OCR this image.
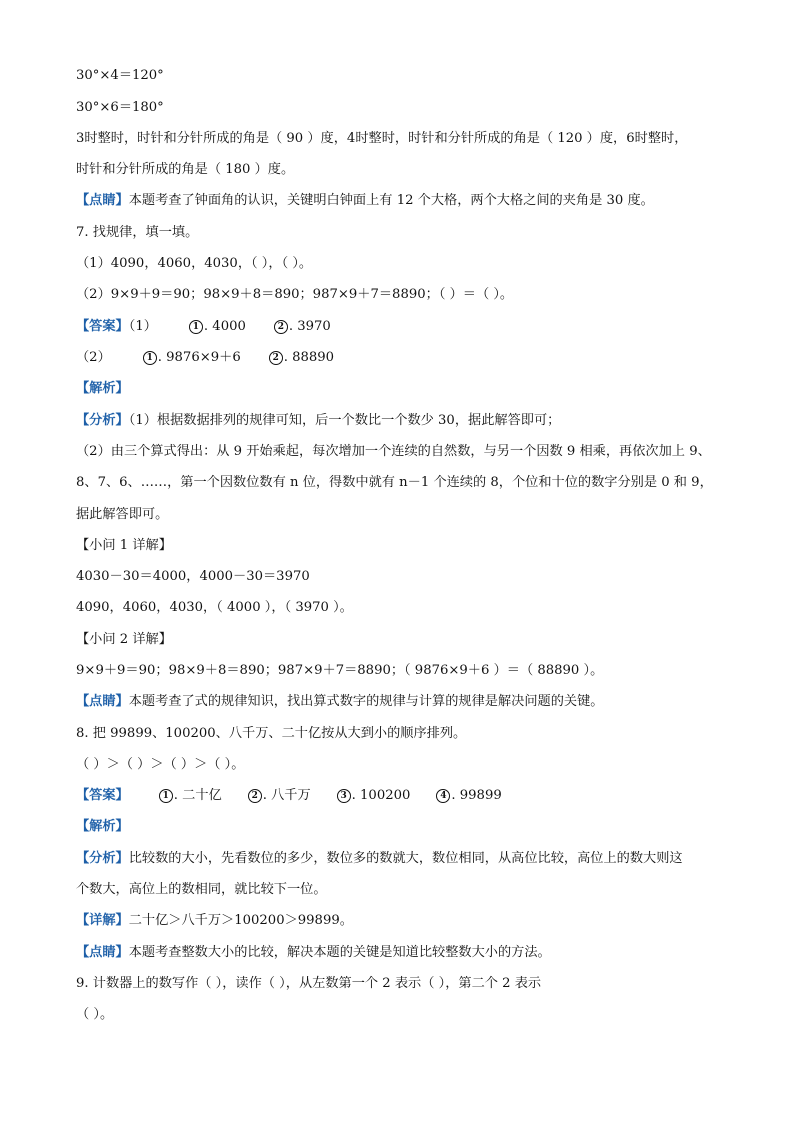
30°×4＝120°
30°×6＝180°
3时整时，时针和分针所成的角是（ 90 ）度，4时整时，时针和分针所成的角是（ 120 ）度，6时整时，
时针和分针所成的角是（ 180 ）度。
【点睛】本题考查了钟面角的认识，关键明白钟面上有 12 个大格，两个大格之间的夹角是 30 度。
7. 找规律，填一填。
（1）4090，4060，4030，（ ），（ ）。
（2）9×9＋9＝90；98×9＋8＝890；987×9＋7＝8890；（ ）＝（ ）。
【答案】（1）	1 . 4000	2 . 3970
（2）	1 . 9876×9＋6	2 . 88890
【解析】
【分析】（1）根据数据排列的规律可知，后一个数比一个数少 30，据此解答即可；
（2）由三个算式得出：从 9 开始乘起，每次增加一个连续的自然数，与另一个因数 9 相乘，再依次加上 9、
8、7、6、……，第一个因数位数有 n 位，得数中就有 n－1 个连续的 8，个位和十位的数字分别是 0 和 9，
据此解答即可。
【小问 1 详解】
4030－30＝4000，4000－30＝3970
4090，4060，4030，（ 4000 ），（ 3970 ）。
【小问 2 详解】
9×9＋9＝90；98×9＋8＝890；987×9＋7＝8890；（ 9876×9＋6 ）＝（ 88890 ）。
【点睛】本题考查了式的规律知识，找出算式数字的规律与计算的规律是解决问题的关键。
8. 把 99899、100200、八千万、二十亿按从大到小的顺序排列。
（ ）＞（ ）＞（ ）＞（ ）。
【答案】	1 . 二十亿	2 . 八千万	3 . 100200	4 . 99899
【解析】
【分析】比较数的大小，先看数位的多少，数位多的数就大，数位相同，从高位比较，高位上的数大则这
个数大，高位上的数相同，就比较下一位。
【详解】二十亿＞八千万＞100200＞99899。
【点睛】本题考查整数大小的比较，解决本题的关键是知道比较整数大小的方法。
9. 计数器上的数写作（ ），读作（ ），从左数第一个 2 表示（ ），第二个 2 表示
（ ）。
